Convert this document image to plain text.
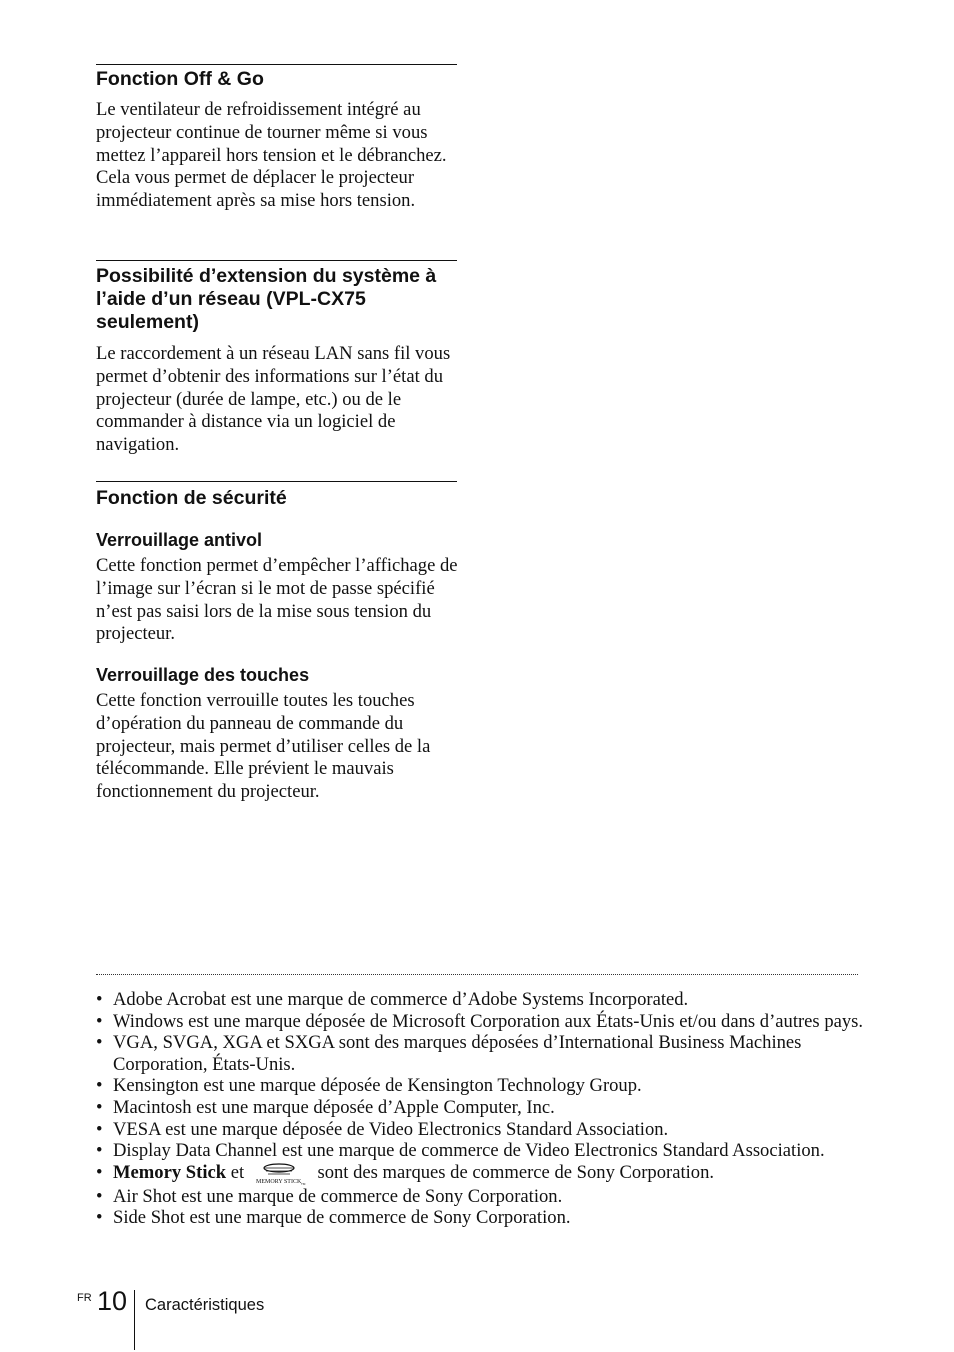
Fonction Off & Go

Le ventilateur de refroidissement intégré au projecteur continue de tourner même si vous mettez l’appareil hors tension et le débranchez. Cela vous permet de déplacer le projecteur immédiatement après sa mise hors tension.

Possibilité d’extension du système à l’aide d’un réseau (VPL-CX75 seulement)

Le raccordement à un réseau LAN sans fil vous permet d’obtenir des informations sur l’état du projecteur (durée de lampe, etc.) ou de le commander à distance via un logiciel de navigation.

Fonction de sécurité
Verrouillage antivol

Cette fonction permet d’empêcher l’affichage de l’image sur l’écran si le mot de passe spécifié n’est pas saisi lors de la mise sous tension du projecteur.

Verrouillage des touches

Cette fonction verrouille toutes les touches d’opération du panneau de commande du projecteur, mais permet d’utiliser celles de la télécommande. Elle prévient le mauvais fonctionnement du projecteur.

• Adobe Acrobat est une marque de commerce d’Adobe Systems Incorporated.
• Windows est une marque déposée de Microsoft Corporation aux États-Unis et/ou dans d’autres pays.
• VGA, SVGA, XGA et SXGA sont des marques déposées d’International Business Machines Corporation, États-Unis.
• Kensington est une marque déposée de Kensington Technology Group.
• Macintosh est une marque déposée d’Apple Computer, Inc.
• VESA est une marque déposée de Video Electronics Standard Association.
• Display Data Channel est une marque de commerce de Video Electronics Standard Association.
• Memory Stick et MEMORY STICK TM
sont des marques de commerce de Sony Corporation.
• Air Shot est une marque de commerce de Sony Corporation.
• Side Shot est une marque de commerce de Sony Corporation.
FR 10 Caractéristiques
